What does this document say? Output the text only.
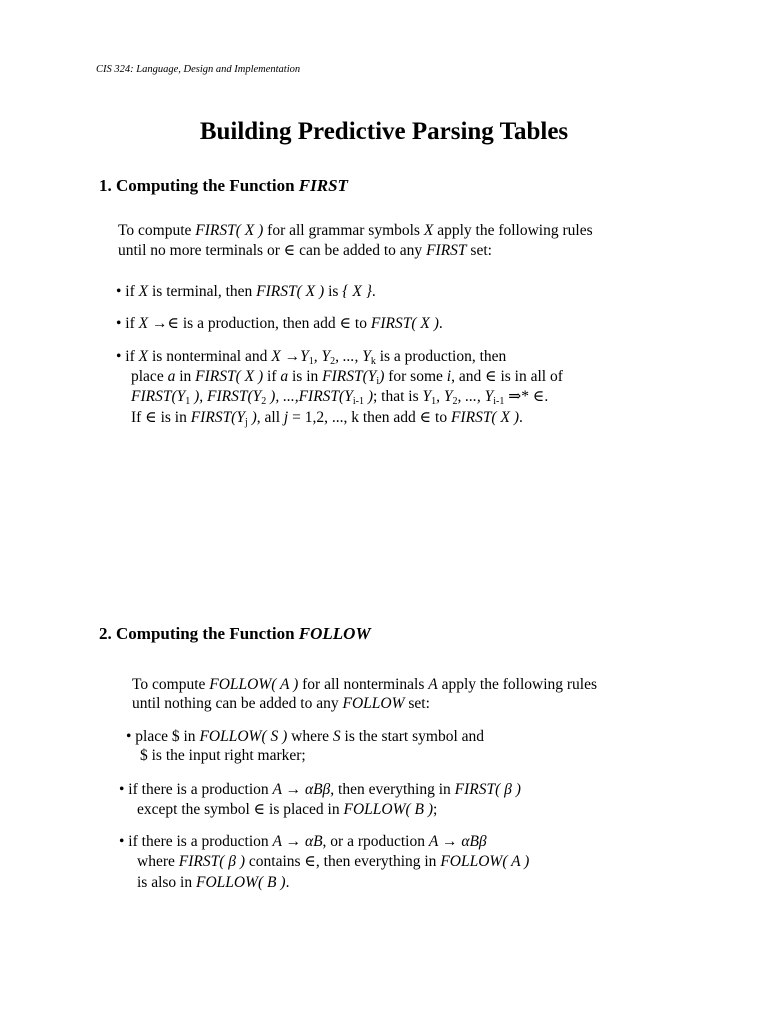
CIS 324: Language, Design and Implementation
Building Predictive Parsing Tables
1. Computing the Function FIRST
To compute FIRST( X ) for all grammar symbols X apply the following rules
until no more terminals or ∈ can be added to any FIRST set:
• if X is terminal, then FIRST( X ) is { X }.
• if X →∈ is a production, then add ∈ to FIRST( X ).
• if X is nonterminal and $X \to Y_1$, $Y_2$, ..., $Y_k$ is a production, then
place a in FIRST( X ) if a is in $FIRST(Y_i)$ for some i, and ∈ is in all of
$FIRST(Y_1$ ), $FIRST(Y_2$ ), $...,FIRST(Y_{i-1}$ ); that is $Y_1$, $Y_2$, ..., $Y_{i-1}$ ⇒* ∈.
If ∈ is in $FIRST(Y_j$ ), all j = 1,2, ..., k then add ∈ to FIRST( X ).
2. Computing the Function FOLLOW
To compute FOLLOW( A ) for all nonterminals A apply the following rules
until nothing can be added to any FOLLOW set:
• place $ in FOLLOW( S ) where S is the start symbol and
$ is the input right marker;
• if there is a production A → αBβ, then everything in FIRST( β )
except the symbol ∈ is placed in FOLLOW( B );
• if there is a production A → αB, or a rpoduction A → αBβ
where FIRST( β ) contains ∈, then everything in FOLLOW( A )
is also in FOLLOW( B ).
